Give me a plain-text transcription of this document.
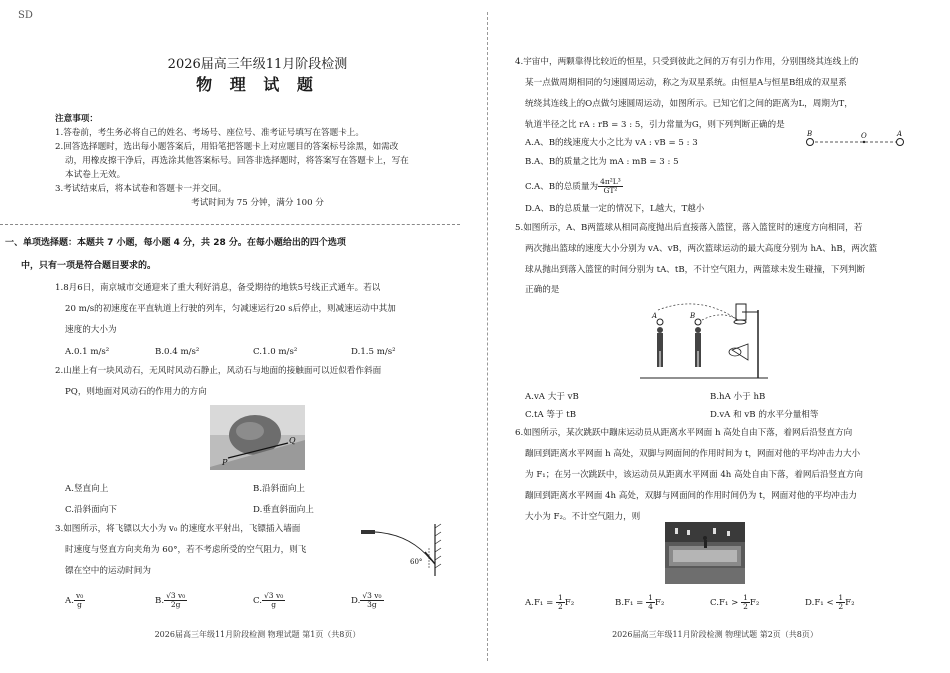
SD
2026届高三年级11月阶段检测
物 理 试 题
注意事项：
1.答卷前，考生务必将自己的姓名、考场号、座位号、准考证号填写在答题卡上。
2.回答选择题时，选出每小题答案后，用铅笔把答题卡上对应题目的答案标号涂黑，如需改
动，用橡皮擦干净后，再选涂其他答案标号。回答非选择题时，将答案写在答题卡上，写在
本试卷上无效。
3.考试结束后，将本试卷和答题卡一并交回。
考试时间为 75 分钟，满分 100 分
一、单项选择题：本题共 7 小题，每小题 4 分，共 28 分。在每小题给出的四个选项
中，只有一项是符合题目要求的。
1.8月6日，南京城市交通迎来了重大利好消息，备受期待的地铁5号线正式通车。若以
20 m/s的初速度在平直轨道上行驶的列车，匀减速运行20 s后停止，则减速运动中其加
速度的大小为
A.0.1 m/s²	B.0.4 m/s²	C.1.0 m/s²	D.1.5 m/s²
2.山崖上有一块风动石，无风时风动石静止，风动石与地面的接触面可以近似看作斜面
PQ，则地面对风动石的作用力的方向
P
Q
A.竖直向上	B.沿斜面向上
C.沿斜面向下	D.垂直斜面向上
3.如图所示，将飞镖以大小为 v₀ 的速度水平射出，飞镖插入墙面
时速度与竖直方向夹角为 60°，若不考虑所受的空气阻力，则飞
镖在空中的运动时间为
60°
A. $\frac{\text{v₀}}{g}$	B. $\frac{\text{√3 v₀}}{2g}$	C. $\frac{\text{√3 v₀}}{g}$	D. $\frac{\text{√3 v₀}}{3g}$
2026届高三年级11月阶段检测 物理试题 第1页（共8页）
4.宇宙中，两颗靠得比较近的恒星，只受到彼此之间的万有引力作用，分别围绕其连线上的
某一点做周期相同的匀速圆周运动，称之为双星系统。由恒星A与恒星B组成的双星系
统绕其连线上的O点做匀速圆周运动，如图所示。已知它们之间的距离为L，周期为T，
轨道半径之比 rA : rB = 3 : 5，引力常量为G，则下列判断正确的是
A.A、B的线速度大小之比为 vA : vB = 5 : 3
B.A、B的质量之比为 mA : mB = 3 : 5
B	O	A
C.A、B的总质量为 $\frac{\text{4π²L³}}{\text{GT²}}$
D.A、B的总质量一定的情况下，L越大，T越小
5.如图所示，A、B两篮球从相同高度抛出后直接落入篮筐，落入篮筐时的速度方向相同，若
两次抛出篮球的速度大小分别为 vA、vB，两次篮球运动的最大高度分别为 hA、hB，两次篮
球从抛出到落入篮筐的时间分别为 tA、tB，不计空气阻力，两篮球未发生碰撞，下列判断
正确的是
A	B
A.vA 大于 vB	B.hA 小于 hB
C.tA 等于 tB	D.vA 和 vB 的水平分量相等
6.如图所示，某次跳跃中蹦床运动员从距离水平网面 h 高处自由下落，着网后沿竖直方向
蹦回到距离水平网面 h 高处，双脚与网面间的作用时间为 t，网面对他的平均冲击力大小
为 F₁；在另一次跳跃中，该运动员从距离水平网面 4h 高处自由下落，着网后沿竖直方向
蹦回到距离水平网面 4h 高处，双脚与网面间的作用时间仍为 t，网面对他的平均冲击力
大小为 F₂。不计空气阻力，则
$A.F_1 = \frac{1}{2} F_2$	$B.F_1 = \frac{1}{4} F_2$	$C.F_1 > \frac{1}{2} F_2$	$D.F_1 < \frac{1}{2} F_2$
2026届高三年级11月阶段检测 物理试题 第2页（共8页）
